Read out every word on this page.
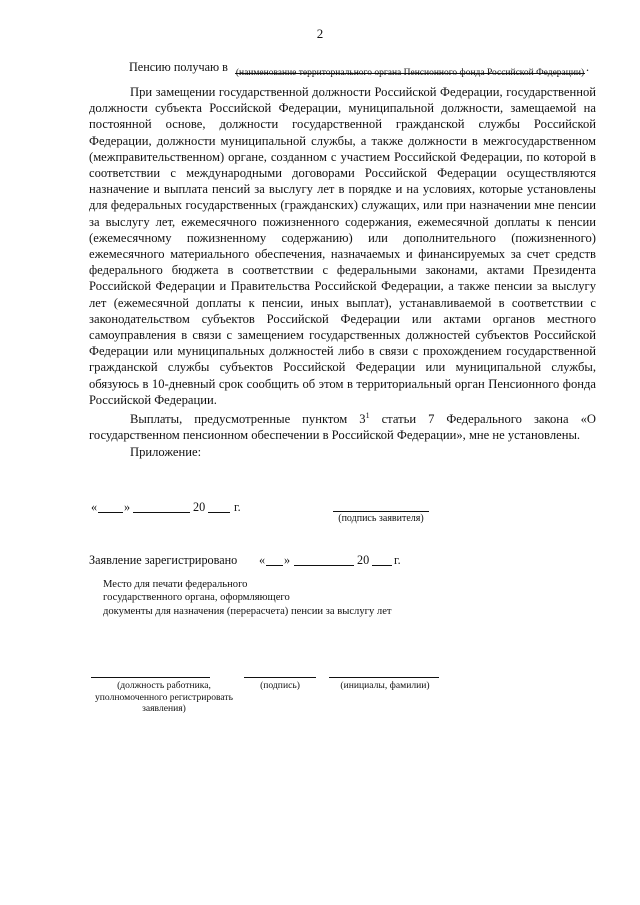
2
Пенсию получаю в	.
(наименование территориального органа Пенсионного фонда Российской Федерации)

При замещении государственной должности Российской Федерации, государственной должности субъекта Российской Федерации, муниципальной должности, замещаемой на постоянной основе, должности государственной гражданской службы Российской Федерации, должности муниципальной службы, а также должности в межгосударственном (межправительственном) органе, созданном с участием Российской Федерации, по которой в соответствии с международными договорами Российской Федерации осуществляются назначение и выплата пенсий за выслугу лет в порядке и на условиях, которые установлены для федеральных государственных (гражданских) служащих, или при назначении мне пенсии за выслугу лет, ежемесячного пожизненного содержания, ежемесячной доплаты к пенсии (ежемесячному пожизненному содержанию) или дополнительного (пожизненного) ежемесячного материального обеспечения, назначаемых и финансируемых за счет средств федерального бюджета в соответствии с федеральными законами, актами Президента Российской Федерации и Правительства Российской Федерации, а также пенсии за выслугу лет (ежемесячной доплаты к пенсии, иных выплат), устанавливаемой в соответствии с законодательством субъектов Российской Федерации или актами органов местного самоуправления в связи с замещением государственных должностей субъектов Российской Федерации или муниципальных должностей либо в связи с прохождением государственной гражданской службы субъектов Российской Федерации или муниципальной службы, обязуюсь в 10-дневный срок сообщить об этом в территориальный орган Пенсионного фонда Российской Федерации.

Выплаты, предусмотренные пунктом $3^1$ статьи 7 Федерального закона «О государственном пенсионном обеспечении в Российской Федерации», мне не установлены.

Приложение:

« »	20 г.
(подпись заявителя)
Заявление зарегистрировано « »	20 г.
Место для печати федерального
государственного органа, оформляющего
документы для назначения (перерасчета) пенсии за выслугу лет
(должность работника,
уполномоченного регистрировать
заявления)
(подпись)	(инициалы, фамилии)
